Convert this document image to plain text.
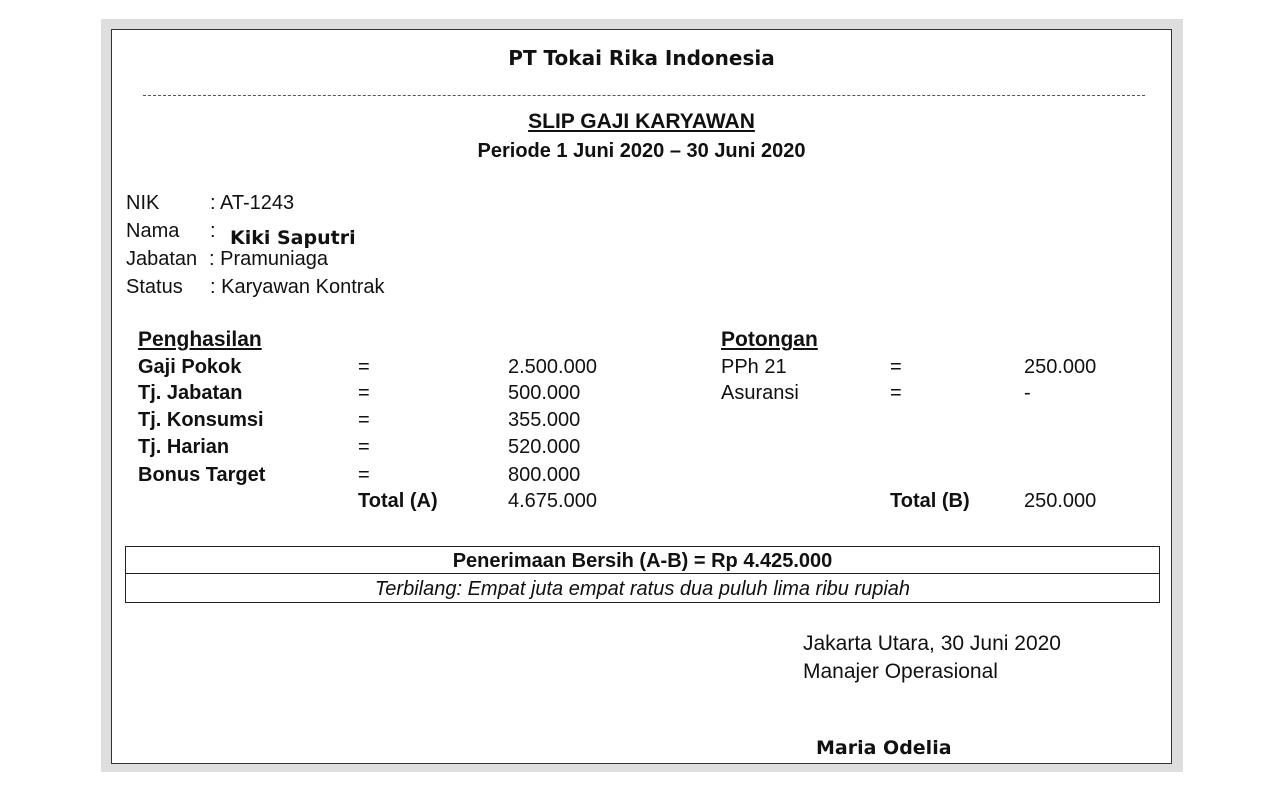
PT Tokai Rika Indonesia
SLIP GAJI KARYAWAN
Periode 1 Juni 2020 – 30 Juni 2020
NIK	: AT-1243
Nama : Kiki Saputri
Jabatan : Pramuniaga
Status : Karyawan Kontrak
Penghasilan
Gaji Pokok	=	2.500.000
Tj. Jabatan	=	500.000
Tj. Konsumsi	=	355.000
Tj. Harian	=	520.000
Bonus Target	=	800.000
Total (A)	4.675.000
Potongan
PPh 21	=	250.000
Asuransi	=	-
Total (B)	250.000
Penerimaan Bersih (A-B) = Rp 4.425.000
Terbilang: Empat juta empat ratus dua puluh lima ribu rupiah
Jakarta Utara, 30 Juni 2020
Manajer Operasional
Maria Odelia
